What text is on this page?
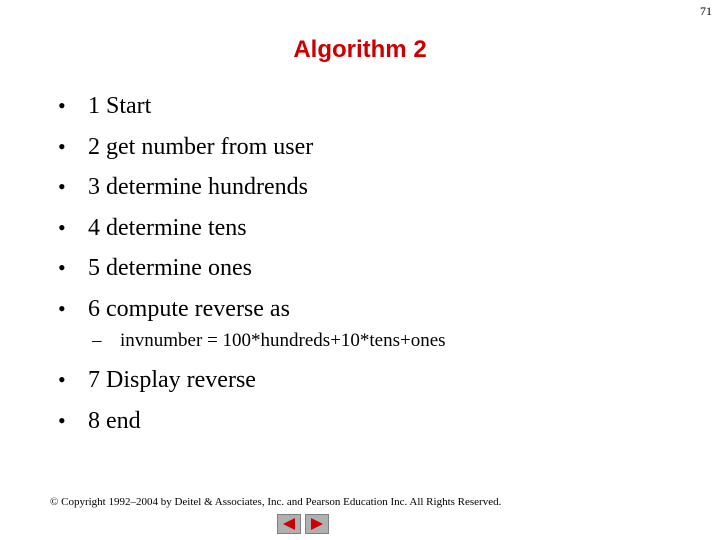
71
Algorithm 2
• 1 Start
• 2 get number from user
• 3 determine hundrends
• 4 determine tens
• 5 determine ones
• 6 compute reverse as
– invnumber = 100*hundreds+10*tens+ones
• 7 Display reverse
• 8 end
© Copyright 1992–2004 by Deitel & Associates, Inc. and Pearson Education Inc. All Rights Reserved.
